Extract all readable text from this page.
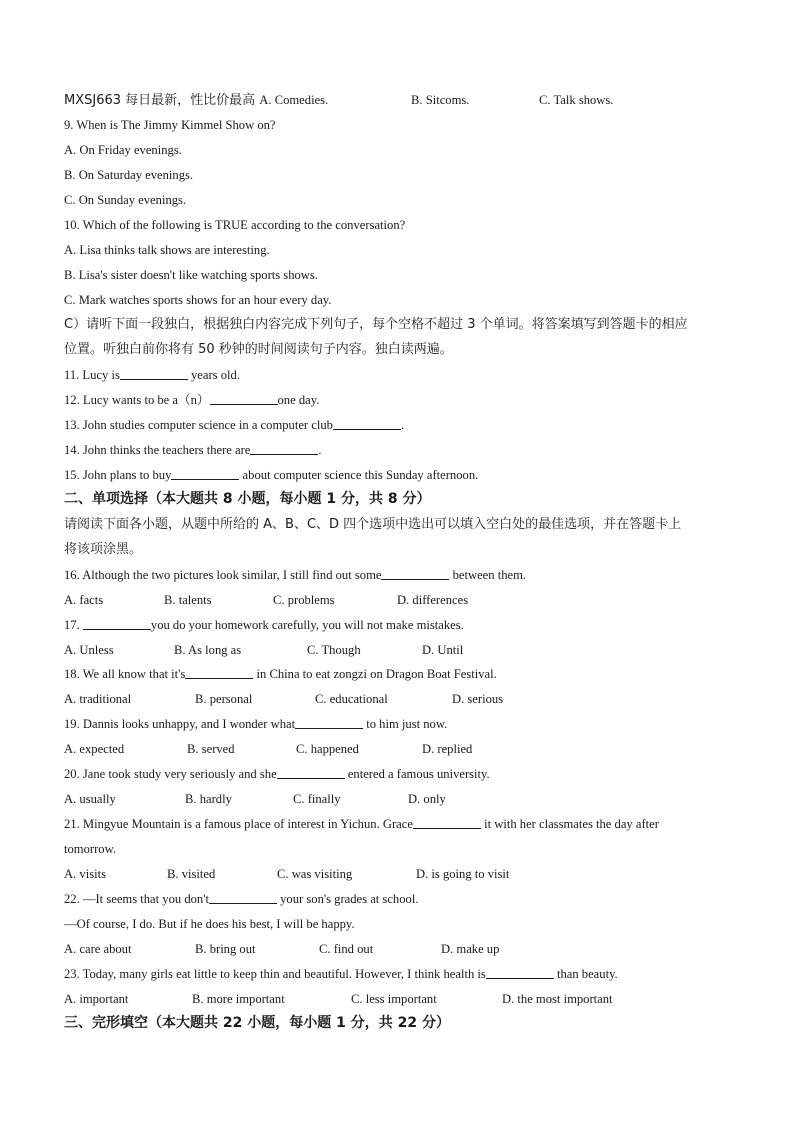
MXSJ663 每日最新，性比价最高 A. Comedies.	B. Sitcoms.	C. Talk shows.
9. When is The Jimmy Kimmel Show on?
A. On Friday evenings.
B. On Saturday evenings.
C. On Sunday evenings.
10. Which of the following is TRUE according to the conversation?
A. Lisa thinks talk shows are interesting.
B. Lisa's sister doesn't like watching sports shows.
C. Mark watches sports shows for an hour every day.
C）请听下面一段独白，根据独白内容完成下列句子，每个空格不超过 3 个单词。将答案填写到答题卡的相应
位置。听独白前你将有 50 秒钟的时间阅读句子内容。独白读两遍。
11. Lucy is	years old.
12. Lucy wants to be a（n）	one day.
13. John studies computer science in a computer club	.
14. John thinks the teachers there are	.
15. John plans to buy	about computer science this Sunday afternoon.
二、单项选择（本大题共 8 小题，每小题 1 分，共 8 分）
请阅读下面各小题，从题中所给的 A、B、C、D 四个选项中选出可以填入空白处的最佳选项，并在答题卡上
将该项涂黑。
16. Although the two pictures look similar, I still find out some	between them.
A. facts	B. talents	C. problems	D. differences
17.	you do your homework carefully, you will not make mistakes.
A. Unless	B. As long as	C. Though	D. Until
18. We all know that it's	in China to eat zongzi on Dragon Boat Festival.
A. traditional	B. personal	C. educational	D. serious
19. Dannis looks unhappy, and I wonder what	to him just now.
A. expected	B. served	C. happened	D. replied
20. Jane took study very seriously and she	entered a famous university.
A. usually	B. hardly	C. finally	D. only
21. Mingyue Mountain is a famous place of interest in Yichun. Grace	it with her classmates the day after
tomorrow.
A. visits	B. visited	C. was visiting	D. is going to visit
22. —It seems that you don't	your son's grades at school.
—Of course, I do. But if he does his best, I will be happy.
A. care about	B. bring out	C. find out	D. make up
23. Today, many girls eat little to keep thin and beautiful. However, I think health is	than beauty.
A. important	B. more important	C. less important	D. the most important
三、完形填空（本大题共 22 小题，每小题 1 分，共 22 分）
